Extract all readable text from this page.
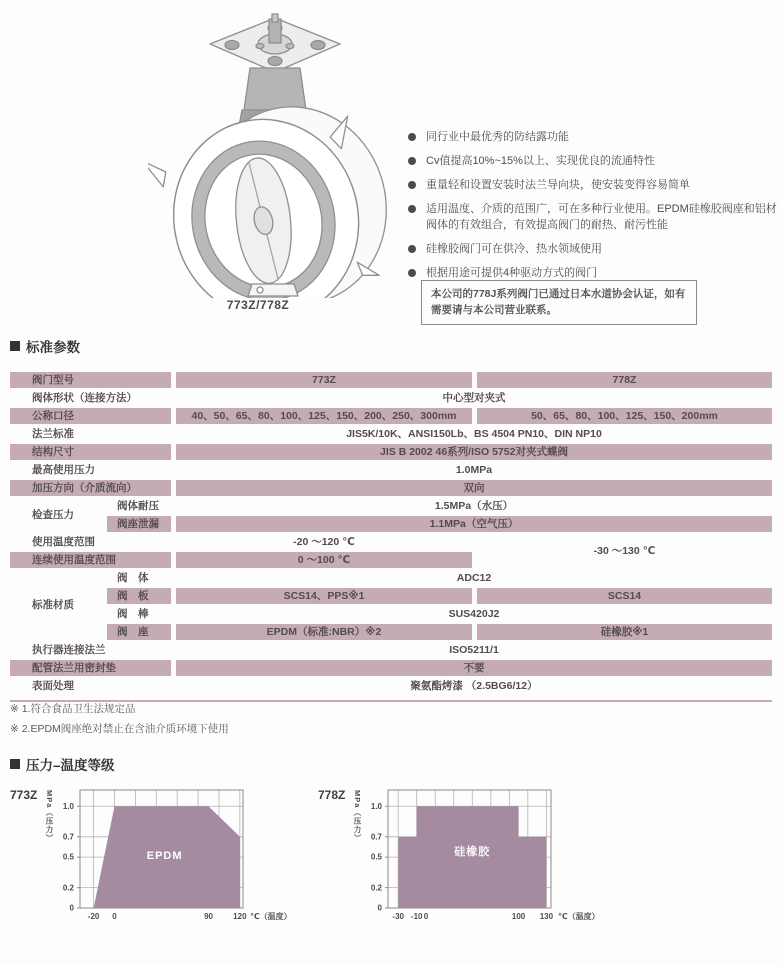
773Z/778Z
同行业中最优秀的防结露功能
Cv值提高10%~15%以上、实现优良的流通特性
重量轻和设置安装时法兰导向块，使安装变得容易简单
适用温度、介质的范围广，可在多种行业使用。EPDM硅橡胶阀座和铝材阀体的有效组合，有效提高阀门的耐热、耐污性能
硅橡胶阀门可在供冷、热水领域使用
根据用途可提供4种驱动方式的阀门
本公司的778J系列阀门已通过日本水道协会认证，如有需要请与本公司营业联系。
标准参数
阀门型号		773Z	778Z
阀体形状（连接方法）		中心型对夹式	
公称口径		40、50、65、80、100、125、150、200、250、300mm	50、65、80、100、125、150、200mm
法兰标准		JIS5K/10K、ANSI150Lb、BS 4504 PN10、DIN NP10	
结构尺寸		JIS B 2002 46系列/ISO 5752对夹式蝶阀	
最高使用压力		1.0MPa	
加压方向（介质流向）		双向	
检查压力	阀体耐压	1.5MPa（水压）	
	阀座泄漏	1.1MPa（空气压）	
使用温度范围		-20 ～120 ℃	-30 ～130 ℃
连续使用温度范围		0 ～100 ℃	
标准材质	阀　体	ADC12	
	阀　板	SCS14、PPS※1	SCS14
	阀　棒	SUS420J2	
	阀　座	EPDM（标准:NBR）※2	硅橡胶※1
执行器连接法兰		ISO5211/1	
配管法兰用密封垫		不要	
表面处理		聚氨酯烤漆 （2.5BG6/12）	
※ 1.符合食品卫生法规定品
※ 2.EPDM阀座绝对禁止在含油介质环境下使用
压力–温度等级
773Z MPa（压力）
0
0.2
0.5
0.7
1.0
-20 0	90	120 ℃（温度）
EPDM
778Z MPa（压力）
0
0.2
0.5
0.7
1.0
-30 -10 0	100 130 ℃（温度）
硅橡胶
